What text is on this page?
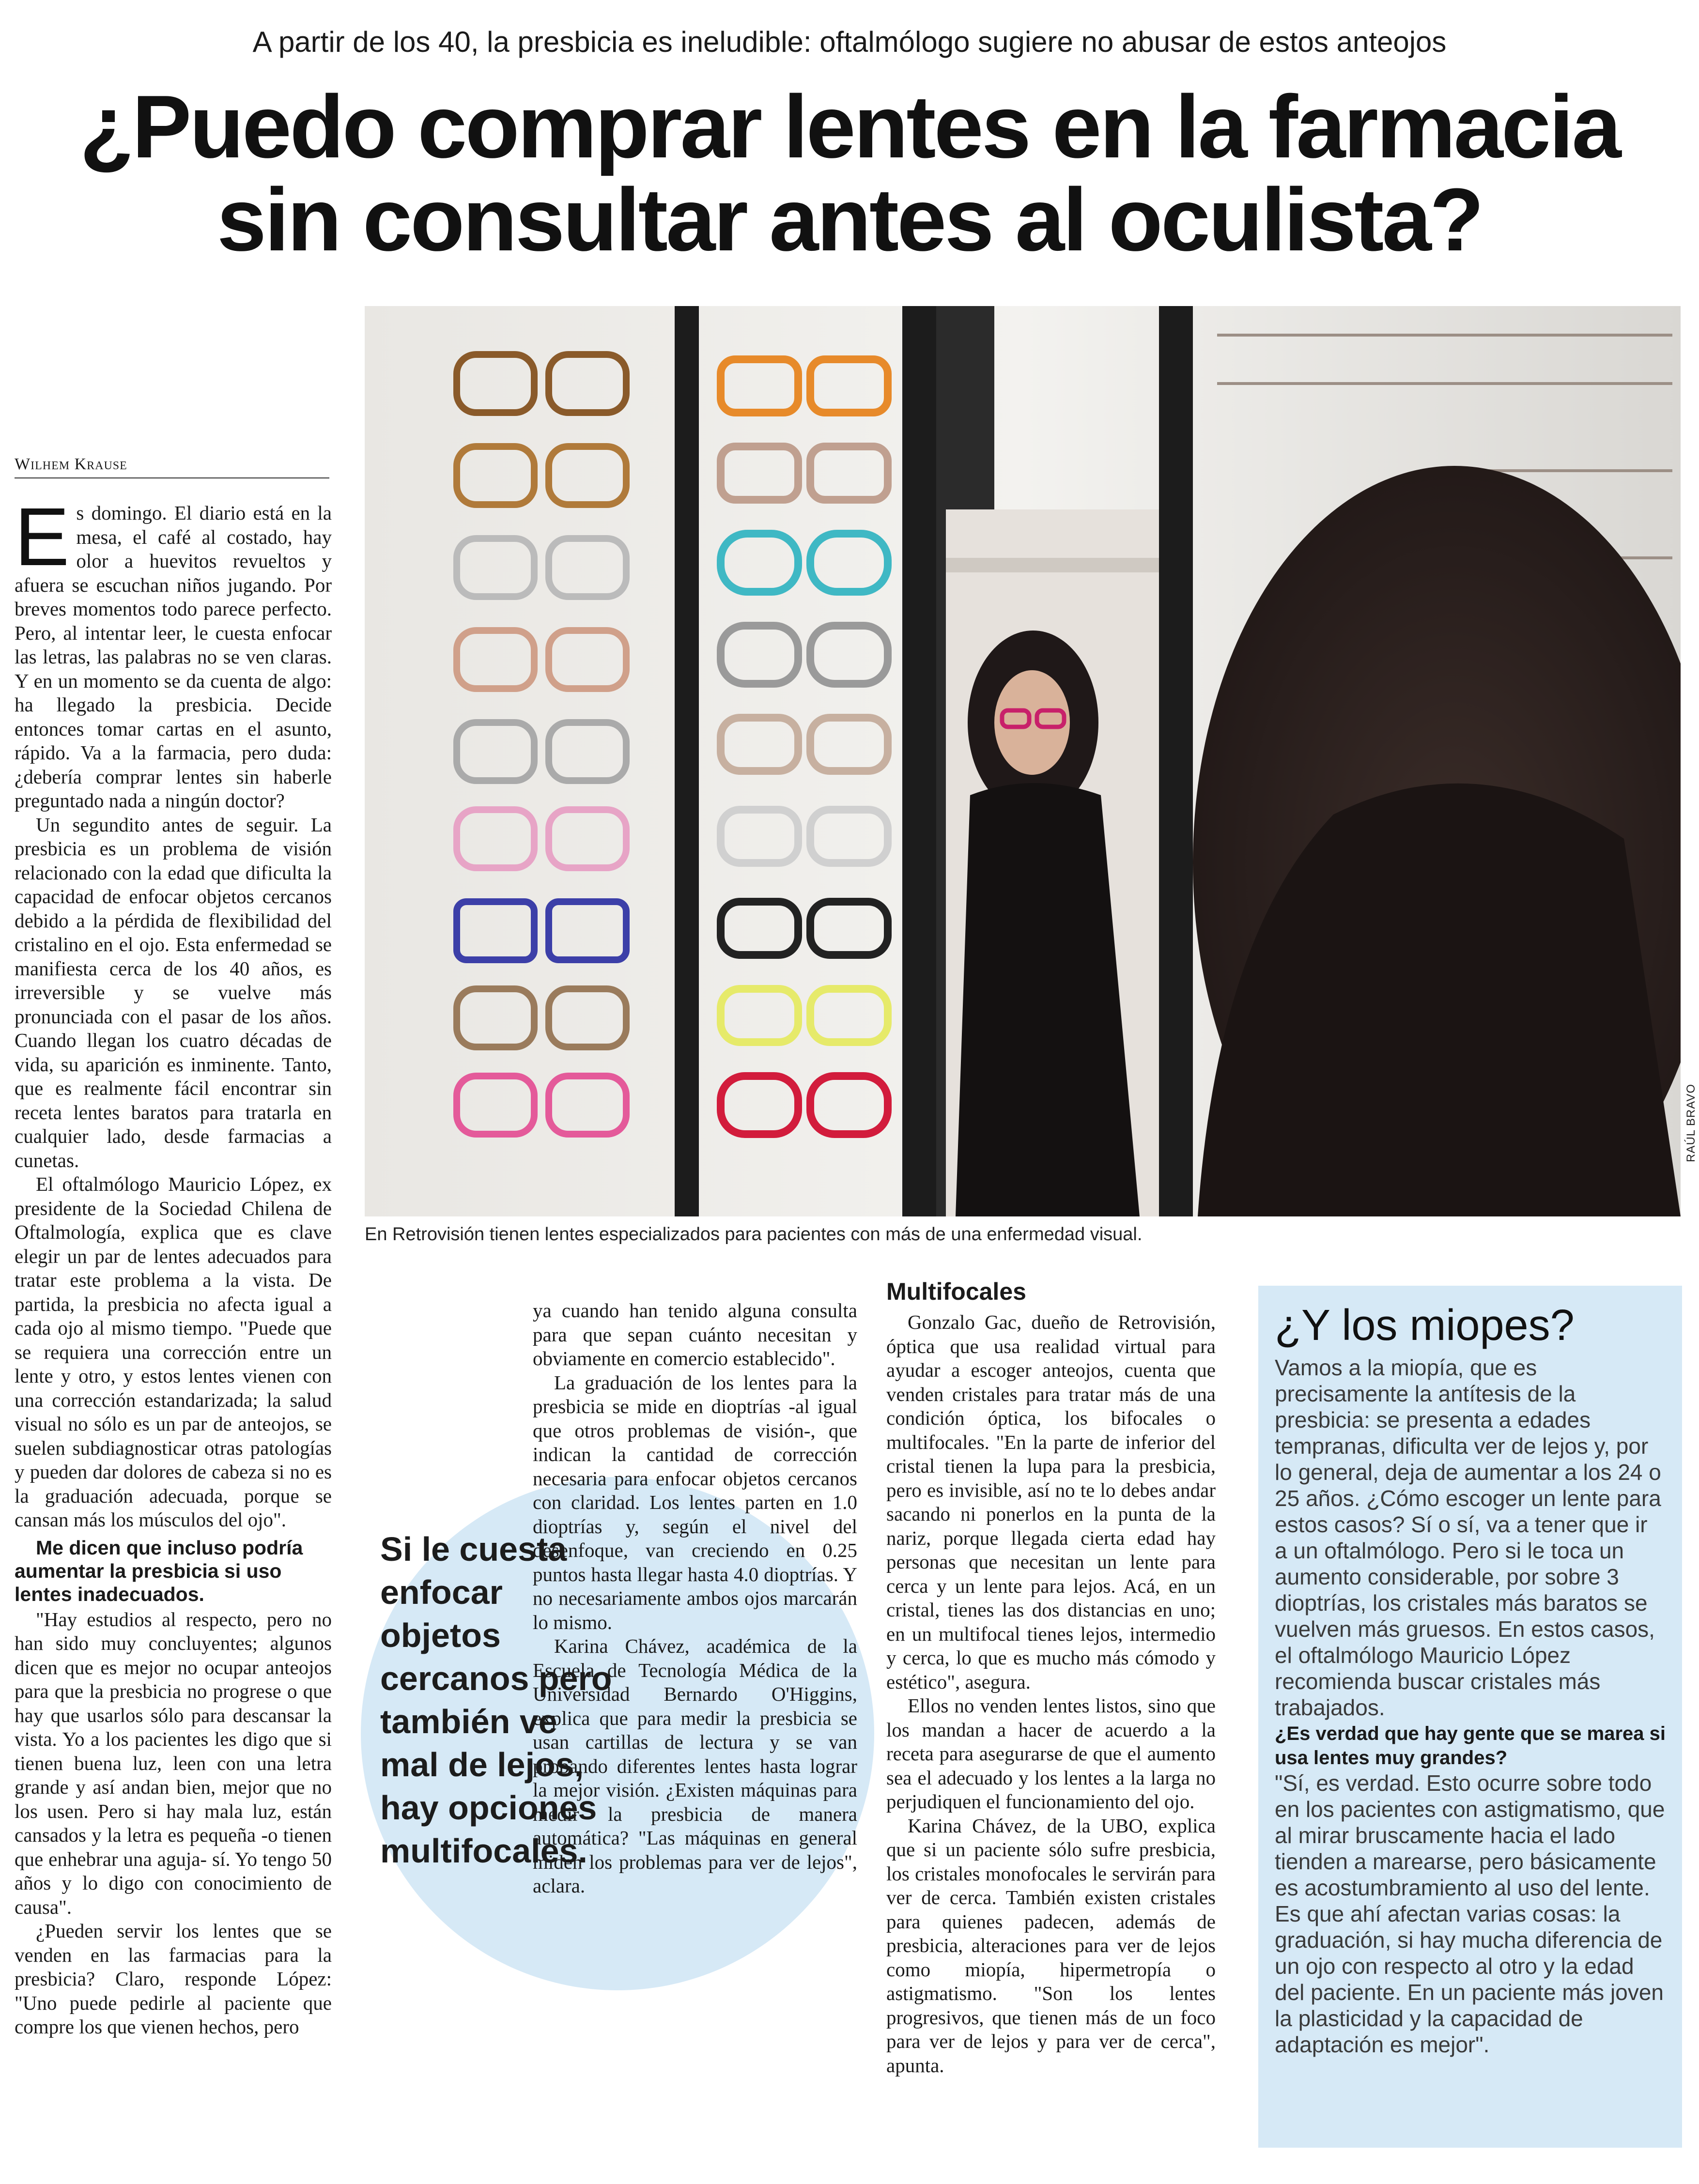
A partir de los 40, la presbicia es ineludible: oftalmólogo sugiere no abusar de estos anteojos
¿Puedo comprar lentes en la farmacia
sin consultar antes al oculista?
Wilhem Krause
RAÚL BRAVO
En Retrovisión tienen lentes especializados para pacientes con más de una enfermedad visual.

Es domingo. El diario está en la mesa, el café al costado, hay olor a huevitos revueltos y afuera se escuchan niños jugando. Por breves momentos todo parece perfecto. Pero, al intentar leer, le cuesta enfocar las letras, las palabras no se ven claras. Y en un momento se da cuenta de algo: ha llegado la presbicia. Decide entonces tomar cartas en el asunto, rápido. Va a la farmacia, pero duda: ¿debería comprar lentes sin haberle preguntado nada a ningún doctor?

Un segundito antes de seguir. La presbicia es un problema de visión relacionado con la edad que dificulta la capacidad de enfocar objetos cercanos debido a la pérdida de flexibilidad del cristalino en el ojo. Esta enfermedad se manifiesta cerca de los 40 años, es irreversible y se vuelve más pronunciada con el pasar de los años. Cuando llegan los cuatro décadas de vida, su aparición es inminente. Tanto, que es realmente fácil encontrar sin receta lentes baratos para tratarla en cualquier lado, desde farmacias a cunetas.

El oftalmólogo Mauricio López, ex presidente de la Sociedad Chilena de Oftalmología, explica que es clave elegir un par de lentes adecuados para tratar este problema a la vista. De partida, la presbicia no afecta igual a cada ojo al mismo tiempo. "Puede que se requiera una corrección entre un lente y otro, y estos lentes vienen con una corrección estandarizada; la salud visual no sólo es un par de anteojos, se suelen subdiagnosticar otras patologías y pueden dar dolores de cabeza si no es la graduación adecuada, porque se cansan más los músculos del ojo".

Me dicen que incluso podría aumentar la presbicia si uso lentes inadecuados.

"Hay estudios al respecto, pero no han sido muy concluyentes; algunos dicen que es mejor no ocupar anteojos para que la presbicia no progrese o que hay que usarlos sólo para descansar la vista. Yo a los pacientes les digo que si tienen buena luz, leen con una letra grande y así andan bien, mejor que no los usen. Pero si hay mala luz, están cansados y la letra es pequeña -o tienen que enhebrar una aguja- sí. Yo tengo 50 años y lo digo con conocimiento de causa".

¿Pueden servir los lentes que se venden en las farmacias para la presbicia? Claro, responde López: "Uno puede pedirle al paciente que compre los que vienen hechos, pero

ya cuando han tenido alguna consulta para que sepan cuánto necesitan y obviamente en comercio establecido".

La graduación de los lentes para la presbicia se mide en dioptrías -al igual que otros problemas de visión-, que indican la cantidad de corrección necesaria para enfocar objetos cercanos con claridad. Los lentes parten en 1.0 dioptrías y, según el nivel del desenfoque, van creciendo en 0.25 puntos hasta llegar hasta 4.0 dioptrías. Y no necesariamente ambos ojos marcarán lo mismo.

Karina Chávez, académica de la Escuela de Tecnología Médica de la Universidad Bernardo O'Higgins, explica que para medir la presbicia se usan cartillas de lectura y se van probando diferentes lentes hasta lograr la mejor visión. ¿Existen máquinas para medir la presbicia de manera automática? "Las máquinas en general miden los problemas para ver de lejos", aclara.

Si le cuesta enfocar objetos cercanos pero también ve mal de lejos, hay opciones multifocales.
Multifocales

Gonzalo Gac, dueño de Retrovisión, óptica que usa realidad virtual para ayudar a escoger anteojos, cuenta que venden cristales para tratar más de una condición óptica, los bifocales o multifocales. "En la parte de inferior del cristal tienen la lupa para la presbicia, pero es invisible, así no te lo debes andar sacando ni ponerlos en la punta de la nariz, porque llegada cierta edad hay personas que necesitan un lente para cerca y un lente para lejos. Acá, en un cristal, tienes las dos distancias en uno; en un multifocal tienes lejos, intermedio y cerca, lo que es mucho más cómodo y estético", asegura.

Ellos no venden lentes listos, sino que los mandan a hacer de acuerdo a la receta para asegurarse de que el aumento sea el adecuado y los lentes a la larga no perjudiquen el funcionamiento del ojo.

Karina Chávez, de la UBO, explica que si un paciente sólo sufre presbicia, los cristales monofocales le servirán para ver de cerca. También existen cristales para quienes padecen, además de presbicia, alteraciones para ver de lejos como miopía, hipermetropía o astigmatismo. "Son los lentes progresivos, que tienen más de un foco para ver de lejos y para ver de cerca", apunta.

¿Y los miopes?
Vamos a la miopía, que es precisamente la antítesis de la presbicia: se presenta a edades tempranas, dificulta ver de lejos y, por lo general, deja de aumentar a los 24 o 25 años. ¿Cómo escoger un lente para estos casos? Sí o sí, va a tener que ir a un oftalmólogo. Pero si le toca un aumento considerable, por sobre 3 dioptrías, los cristales más baratos se vuelven más gruesos. En estos casos, el oftalmólogo Mauricio López recomienda buscar cristales más trabajados.
¿Es verdad que hay gente que se marea si usa lentes muy grandes?
"Sí, es verdad. Esto ocurre sobre todo en los pacientes con astigmatismo, que al mirar bruscamente hacia el lado tienden a marearse, pero básicamente es acostumbramiento al uso del lente. Es que ahí afectan varias cosas: la graduación, si hay mucha diferencia de un ojo con respecto al otro y la edad del paciente. En un paciente más joven la plasticidad y la capacidad de adaptación es mejor".
